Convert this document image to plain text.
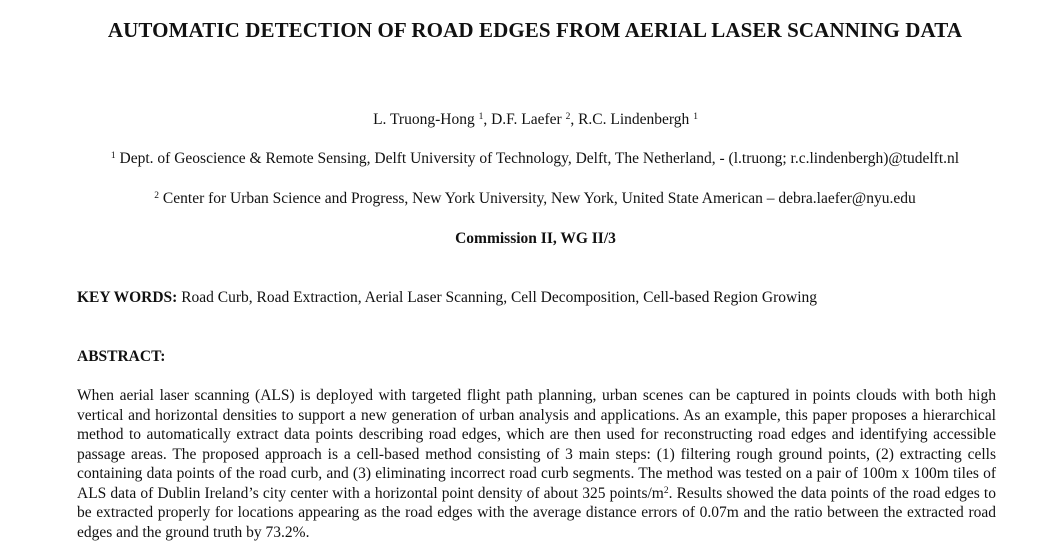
AUTOMATIC DETECTION OF ROAD EDGES FROM AERIAL LASER SCANNING DATA
L. Truong-Hong $^1$, D.F. Laefer $^2$, R.C. Lindenbergh $^1$
$^1$ Dept. of Geoscience & Remote Sensing, Delft University of Technology, Delft, The Netherland, - (l.truong; r.c.lindenbergh)@tudelft.nl
$^2$ Center for Urban Science and Progress, New York University, New York, United State American – debra.laefer@nyu.edu
Commission II, WG II/3
KEY WORDS: Road Curb, Road Extraction, Aerial Laser Scanning, Cell Decomposition, Cell-based Region Growing
ABSTRACT:
When aerial laser scanning (ALS) is deployed with targeted flight path planning, urban scenes can be captured in points clouds with both high vertical and horizontal densities to support a new generation of urban analysis and applications. As an example, this paper proposes a hierarchical method to automatically extract data points describing road edges, which are then used for reconstructing road edges and identifying accessible passage areas. The proposed approach is a cell-based method consisting of 3 main steps: (1) filtering rough ground points, (2) extracting cells containing data points of the road curb, and (3) eliminating incorrect road curb segments. The method was tested on a pair of 100m x 100m tiles of ALS data of Dublin Ireland’s city center with a horizontal point density of about 325 points/$m^2$. Results showed the data points of the road edges to be extracted properly for locations appearing as the road edges with the average distance errors of 0.07m and the ratio between the extracted road edges and the ground truth by 73.2%.
